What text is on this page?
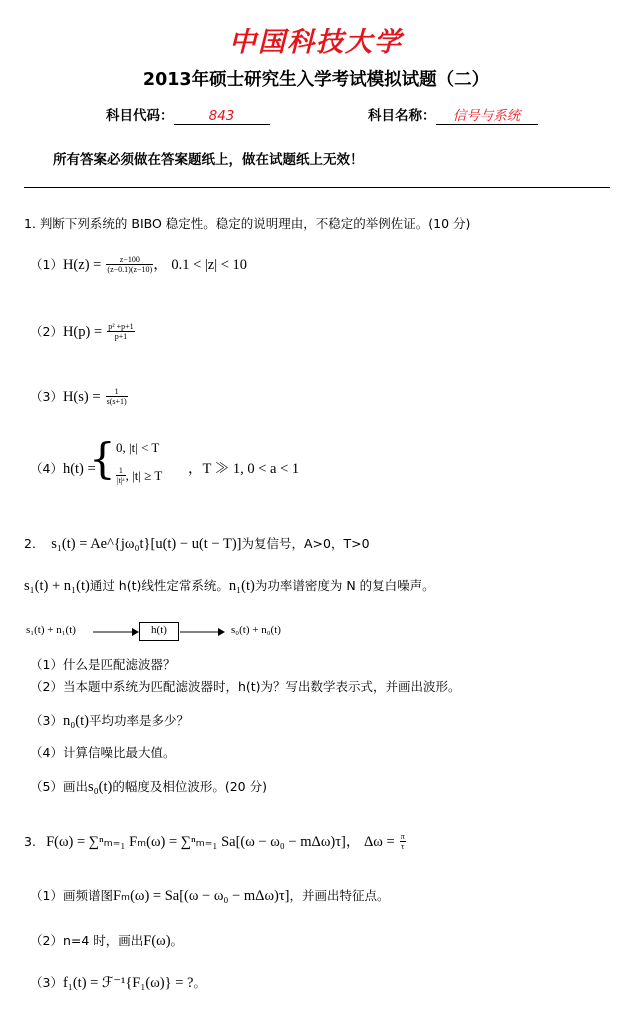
中国科技大学
2013年硕士研究生入学考试模拟试题（二）
科目代码：	843	科目名称： 信号与系统
所有答案必须做在答案题纸上，做在试题纸上无效！
1. 判断下列系统的 BIBO 稳定性。稳定的说明理由，不稳定的举例佐证。(10 分)
$(1)H(z) = \frac{z-100}{(z-0.1)(z-10)}$ ， 0.1 < |z| < 10
$(2)H(p) = \frac{\text{p² +p+1}}{p+1}$
$(3)H(s) = \frac{1}{s(s+1)}$
（4）h(t) =
{ 0, |t| < T
$\frac{1}{\text{|t|ᵃ}}$ , |t| ≥ T ，T ≫ 1, 0 < a < 1
2. s₁(t) = Ae^{jω₀t}[u(t) − u(t − T)]为复信号，A>0，T>0
s₁(t) + n₁(t)通过 h(t)线性定常系统。n₁(t)为功率谱密度为 N 的复白噪声。
s₁(t) + n₁(t)	h(t)	s₀(t) + n₀(t)
（1）什么是匹配滤波器？
（2）当本题中系统为匹配滤波器时，h(t)为？写出数学表示式，并画出波形。
（3）n₀(t)平均功率是多少？
（4）计算信噪比最大值。
（5）画出s₀(t)的幅度及相位波形。(20 分)
3. F(ω) = ∑ⁿₘ₌₁ Fₘ(ω) = ∑ⁿₘ₌₁ Sa[(ω − ω₀ − mΔω)τ]， $\Delta\omega = \frac{\pi}{\tau}$
（1）画频谱图Fₘ(ω) = Sa[(ω − ω₀ − mΔω)τ]，并画出特征点。
（2）n=4 时，画出F(ω)。
（3）f₁(t) = ℱ⁻¹{F₁(ω)} = ?。
